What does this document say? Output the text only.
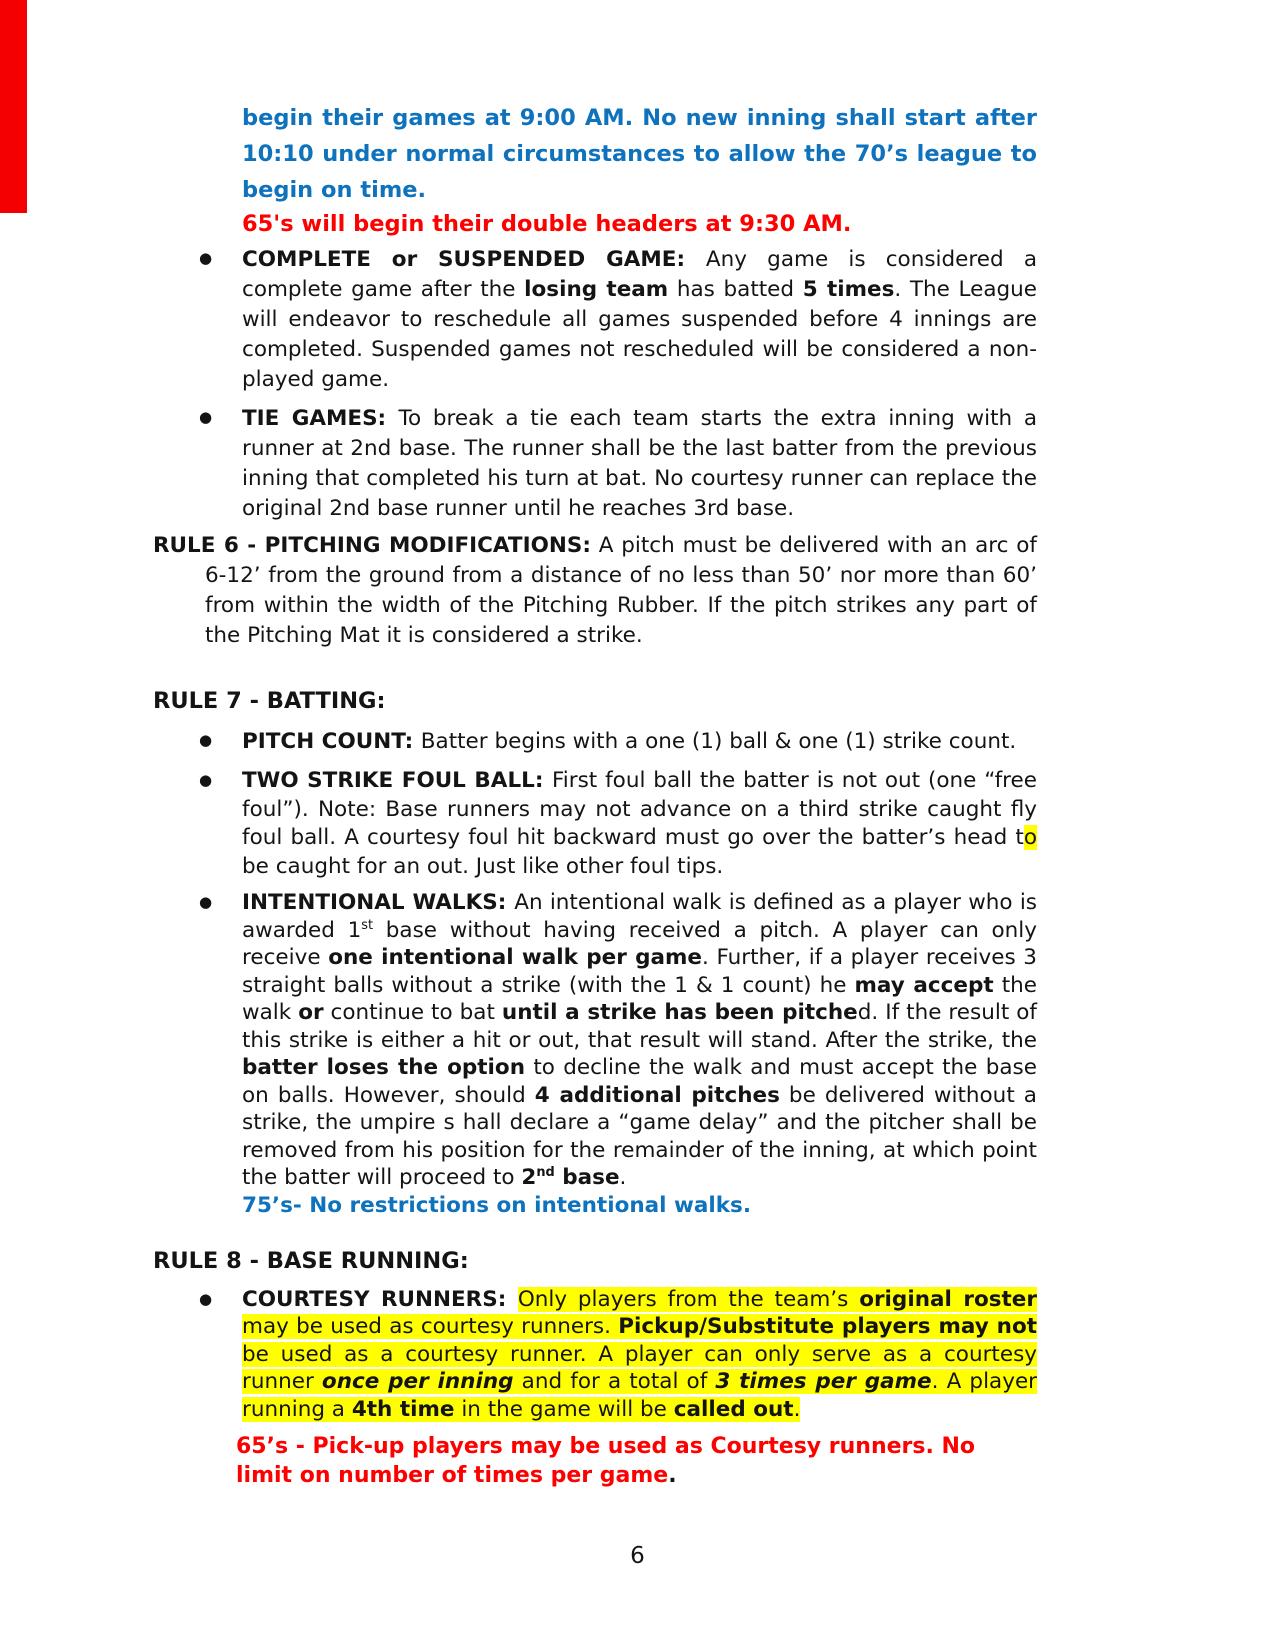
begin their games at 9:00 AM. No new inning shall start after 10:10 under normal circumstances to allow the 70’s league to begin on time.
65's will begin their double headers at 9:30 AM.
● COMPLETE or SUSPENDED GAME: Any game is considered a complete game after the losing team has batted 5 times. The League will endeavor to reschedule all games suspended before 4 innings are completed. Suspended games not rescheduled will be considered a non-played game.
● TIE GAMES: To break a tie each team starts the extra inning with a runner at 2nd base. The runner shall be the last batter from the previous inning that completed his turn at bat. No courtesy runner can replace the original 2nd base runner until he reaches 3rd base.
RULE 6 - PITCHING MODIFICATIONS: A pitch must be delivered with an arc of 6-12’ from the ground from a distance of no less than 50’ nor more than 60’ from within the width of the Pitching Rubber. If the pitch strikes any part of the Pitching Mat it is considered a strike.
RULE 7 - BATTING:
● PITCH COUNT: Batter begins with a one (1) ball & one (1) strike count.
● TWO STRIKE FOUL BALL: First foul ball the batter is not out (one “free foul”). Note: Base runners may not advance on a third strike caught fly foul ball. A courtesy foul hit backward must go over the batter’s head to be caught for an out. Just like other foul tips.
● INTENTIONAL WALKS: An intentional walk is defined as a player who is awarded 1st base without having received a pitch. A player can only receive one intentional walk per game. Further, if a player receives 3 straight balls without a strike (with the 1 & 1 count) he may accept the walk or continue to bat until a strike has been pitched. If the result of this strike is either a hit or out, that result will stand. After the strike, the batter loses the option to decline the walk and must accept the base on balls. However, should 4 additional pitches be delivered without a strike, the umpire s hall declare a “game delay” and the pitcher shall be removed from his position for the remainder of the inning, at which point the batter will proceed to 2nd base.
75’s- No restrictions on intentional walks.
RULE 8 - BASE RUNNING:
● COURTESY RUNNERS: Only players from the team’s original roster may be used as courtesy runners. Pickup/Substitute players may not be used as a courtesy runner. A player can only serve as a courtesy runner once per inning and for a total of 3 times per game. A player running a 4th time in the game will be called out.
65’s - Pick-up players may be used as Courtesy runners. No limit on number of times per game.
6
